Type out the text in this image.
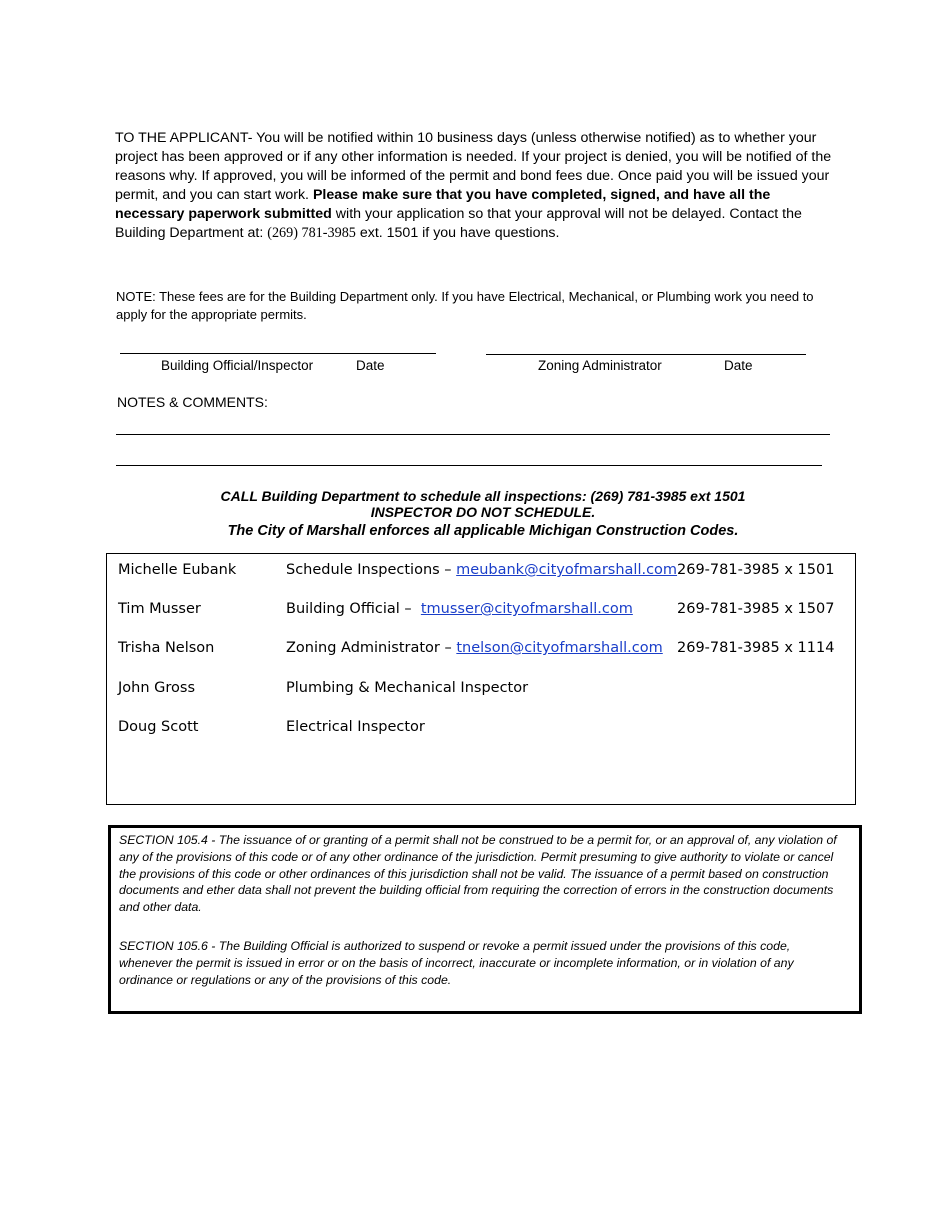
TO THE APPLICANT- You will be notified within 10 business days (unless otherwise notified) as to whether your project has been approved or if any other information is needed. If your project is denied, you will be notified of the reasons why. If approved, you will be informed of the permit and bond fees due. Once paid you will be issued your permit, and you can start work. Please make sure that you have completed, signed, and have all the necessary paperwork submitted with your application so that your approval will not be delayed. Contact the Building Department at: (269) 781-3985 ext. 1501 if you have questions.

NOTE: These fees are for the Building Department only. If you have Electrical, Mechanical, or Plumbing work you need to apply for the appropriate permits.

Building Official/Inspector	Date	Zoning Administrator	Date
NOTES & COMMENTS:
CALL Building Department to schedule all inspections: (269) 781-3985 ext 1501
INSPECTOR DO NOT SCHEDULE.
The City of Marshall enforces all applicable Michigan Construction Codes.
Michelle Eubank	Schedule Inspections – meubank@cityofmarshall.com 269-781-3985 x 1501
Tim Musser	Building Official – tmusser@cityofmarshall.com	269-781-3985 x 1507
Trisha Nelson	Zoning Administrator – tnelson@cityofmarshall.com 269-781-3985 x 1114
John Gross	Plumbing & Mechanical Inspector
Doug Scott	Electrical Inspector

SECTION 105.4 - The issuance of or granting of a permit shall not be construed to be a permit for, or an approval of, any violation of any of the provisions of this code or of any other ordinance of the jurisdiction. Permit presuming to give authority to violate or cancel the provisions of this code or other ordinances of this jurisdiction shall not be valid. The issuance of a permit based on construction documents and ether data shall not prevent the building official from requiring the correction of errors in the construction documents and other data.

SECTION 105.6 - The Building Official is authorized to suspend or revoke a permit issued under the provisions of this code, whenever the permit is issued in error or on the basis of incorrect, inaccurate or incomplete information, or in violation of any ordinance or regulations or any of the provisions of this code.
